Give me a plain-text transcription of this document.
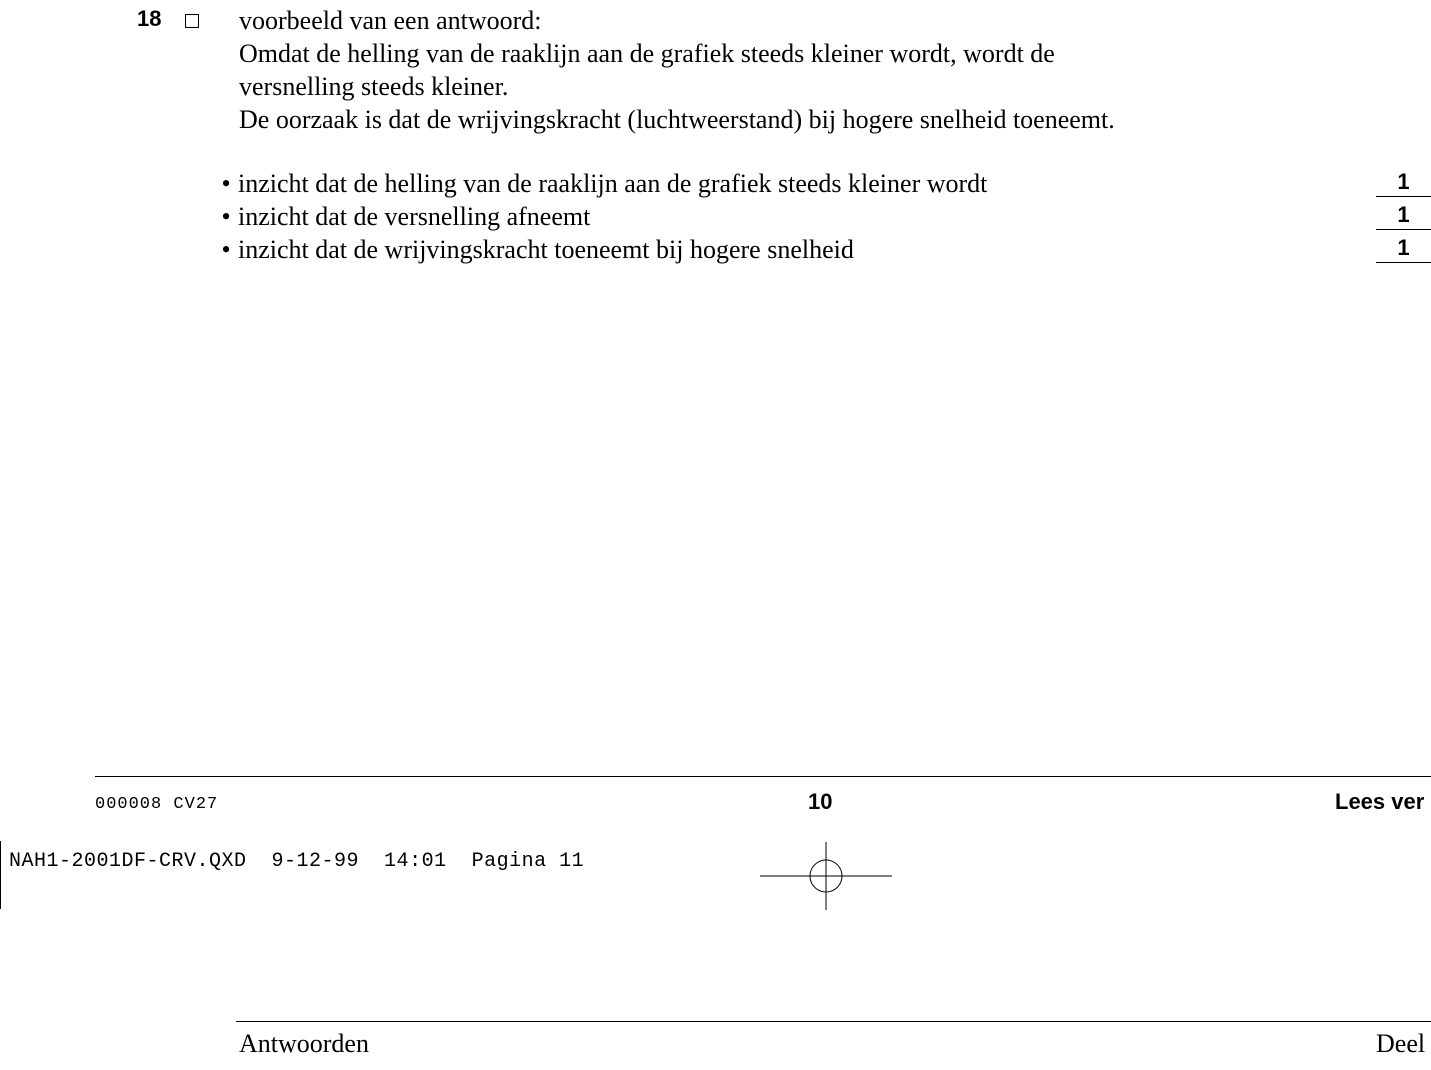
18	voorbeeld van een antwoord:
Omdat de helling van de raaklijn aan de grafiek steeds kleiner wordt, wordt de
versnelling steeds kleiner.
De oorzaak is dat de wrijvingskracht (luchtweerstand) bij hogere snelheid toeneemt.
• inzicht dat de helling van de raaklijn aan de grafiek steeds kleiner wordt	1
• inzicht dat de versnelling afneemt	1
• inzicht dat de wrijvingskracht toeneemt bij hogere snelheid	1
000008 CV27	10	Lees ver
NAH1-2001DF-CRV.QXD  9-12-99  14:01  Pagina 11
Antwoorden	Deel
